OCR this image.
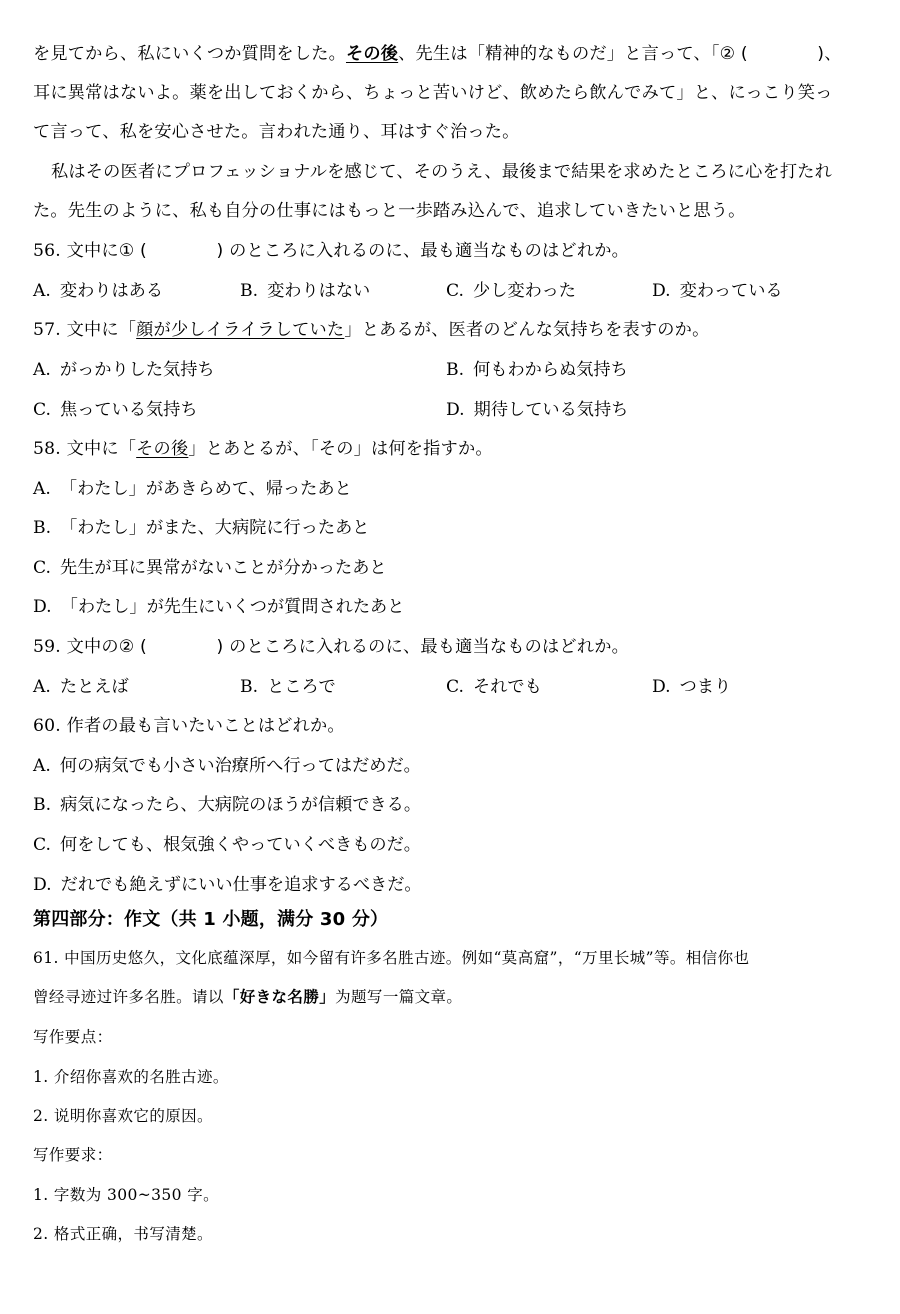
を見てから、私にいくつか質問をした。その後、先生は「精神的なものだ」と言って、「② (　　　　)、
耳に異常はないよ。薬を出しておくから、ちょっと苦いけど、飲めたら飲んでみて」と、にっこり笑っ
て言って、私を安心させた。言われた通り、耳はすぐ治った。
私はその医者にプロフェッショナルを感じて、そのうえ、最後まで結果を求めたところに心を打たれ
た。先生のように、私も自分の仕事にはもっと一歩踏み込んで、追求していきたいと思う。
56. 文中に① (　　　　) のところに入れるのに、最も適当なものはどれか。
A. 変わりはある	B. 変わりはない	C. 少し変わった	D. 変わっている
57. 文中に「顔が少しイライラしていた」とあるが、医者のどんな気持ちを表すのか。
A. がっかりした気持ち	B. 何もわからぬ気持ち
C. 焦っている気持ち	D. 期待している気持ち
58. 文中に「その後」とあとるが、「その」は何を指すか。
A. 「わたし」があきらめて、帰ったあと
B. 「わたし」がまた、大病院に行ったあと
C. 先生が耳に異常がないことが分かったあと
D. 「わたし」が先生にいくつが質問されたあと
59. 文中の② (　　　　) のところに入れるのに、最も適当なものはどれか。
A. たとえば	B. ところで	C. それでも	D. つまり
60. 作者の最も言いたいことはどれか。
A. 何の病気でも小さい治療所へ行ってはだめだ。
B. 病気になったら、大病院のほうが信頼できる。
C. 何をしても、根気強くやっていくべきものだ。
D. だれでも絶えずにいい仕事を追求するべきだ。
第四部分：作文（共 1 小题，满分 30 分）
61. 中国历史悠久，文化底蕴深厚，如今留有许多名胜古迹。例如“莫高窟”，“万里长城”等。相信你也
曾经寻迹过许多名胜。请以「好きな名勝」为题写一篇文章。
写作要点：
1. 介绍你喜欢的名胜古迹。
2. 说明你喜欢它的原因。
写作要求：
1. 字数为 300~350 字。
2. 格式正确，书写清楚。
